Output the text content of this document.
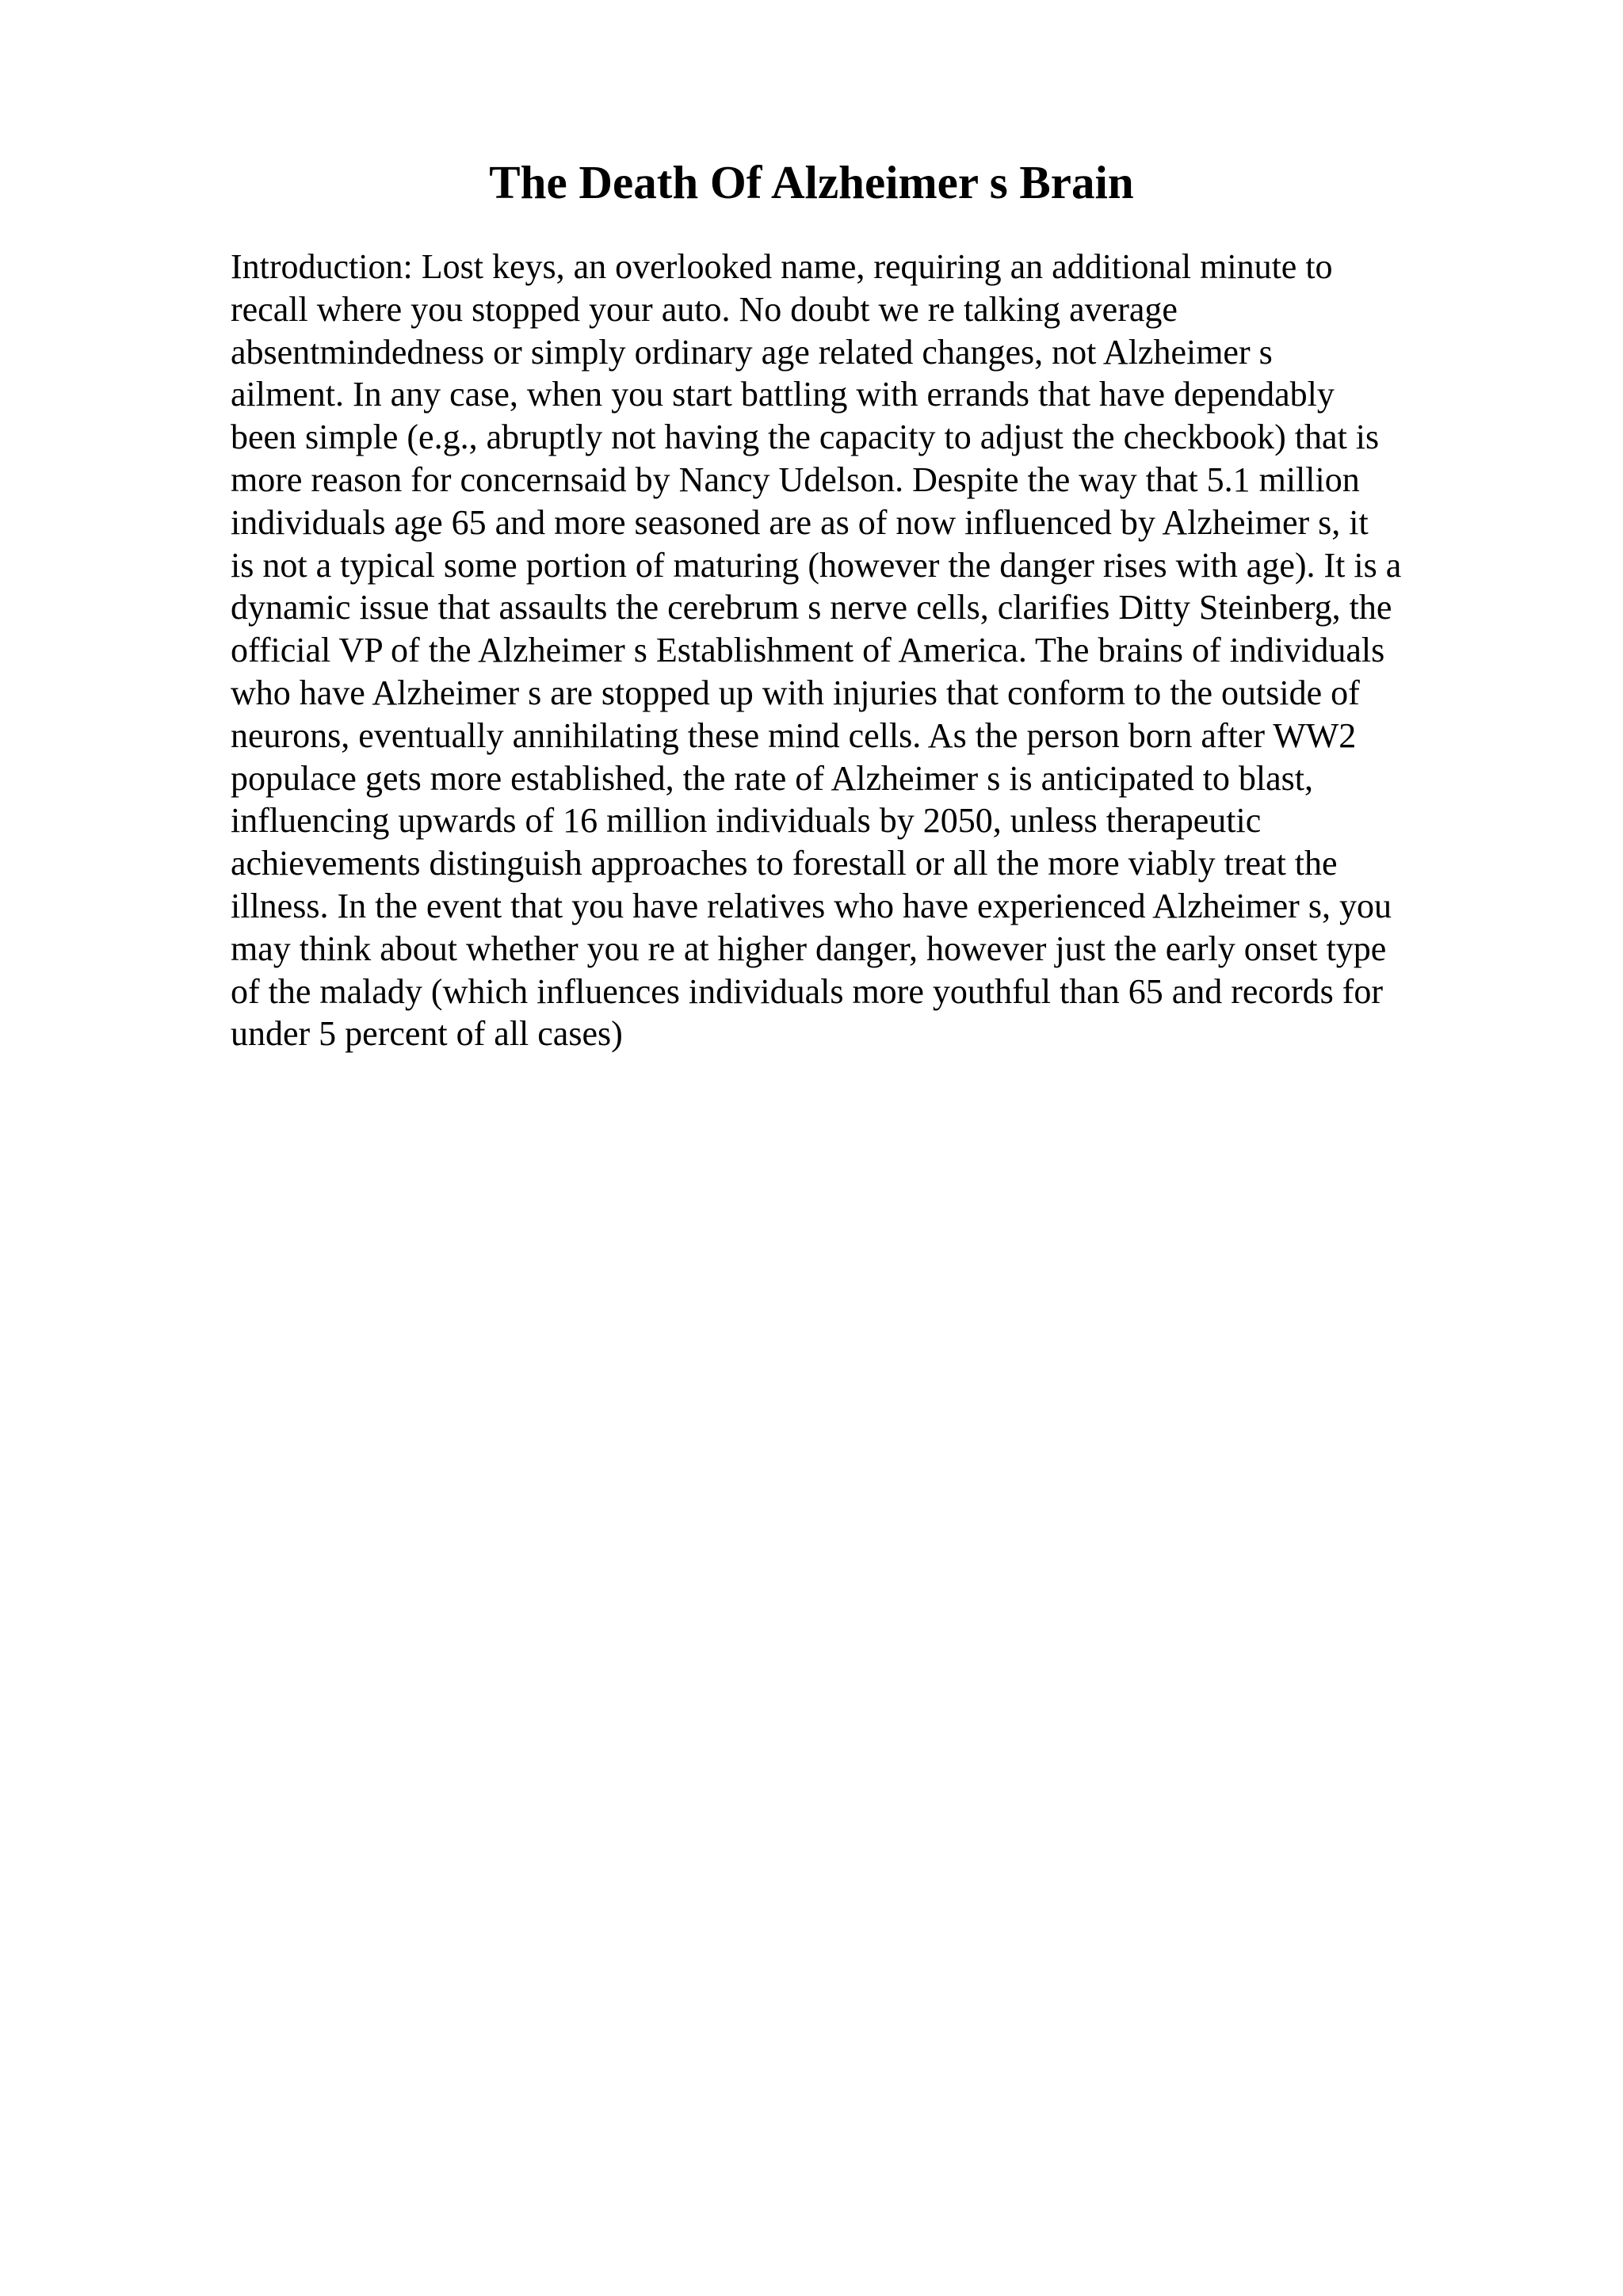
The Death Of Alzheimer s Brain

Introduction: Lost keys, an overlooked name, requiring an additional minute to
recall where you stopped your auto. No doubt we re talking average
absentmindedness or simply ordinary age related changes, not Alzheimer s
ailment. In any case, when you start battling with errands that have dependably
been simple (e.g., abruptly not having the capacity to adjust the checkbook) that is
more reason for concernsaid by Nancy Udelson. Despite the way that 5.1 million
individuals age 65 and more seasoned are as of now influenced by Alzheimer s, it
is not a typical some portion of maturing (however the danger rises with age). It is a
dynamic issue that assaults the cerebrum s nerve cells, clarifies Ditty Steinberg, the
official VP of the Alzheimer s Establishment of America. The brains of individuals
who have Alzheimer s are stopped up with injuries that conform to the outside of
neurons, eventually annihilating these mind cells. As the person born after WW2
populace gets more established, the rate of Alzheimer s is anticipated to blast,
influencing upwards of 16 million individuals by 2050, unless therapeutic
achievements distinguish approaches to forestall or all the more viably treat the
illness. In the event that you have relatives who have experienced Alzheimer s, you
may think about whether you re at higher danger, however just the early onset type
of the malady (which influences individuals more youthful than 65 and records for
under 5 percent of all cases)
